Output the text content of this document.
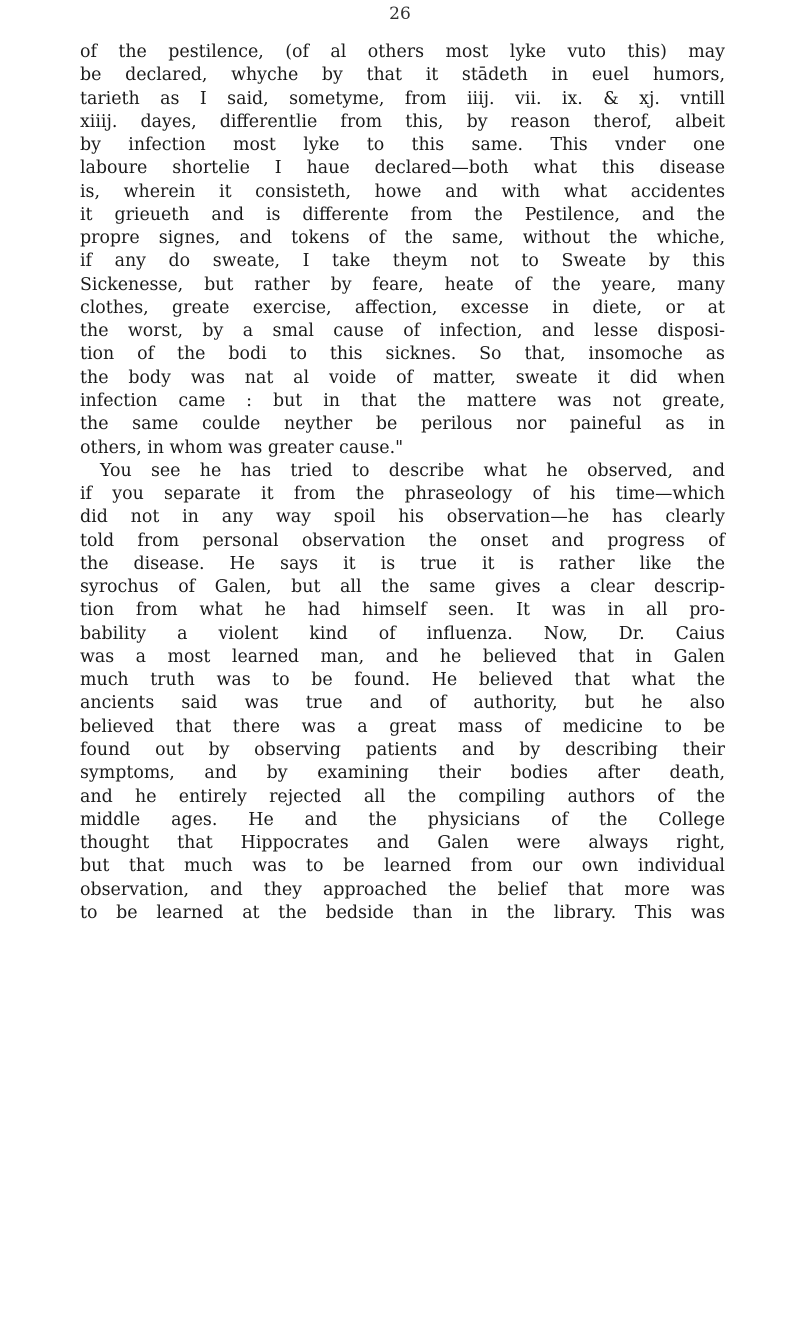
26
of the pestilence, (of al others most lyke vuto this) may
be declared, whyche by that it stādeth in euel humors,
tarieth as I said, sometyme, from iiij. vii. ix. & xj. vntill
xiiij. dayes, differentlie from this, by reason therof, albeit
by infection most lyke to this same. This vnder one
laboure shortelie I haue declared—both what this disease
is, wherein it consisteth, howe and with what accidentes
it grieueth and is differente from the Pestilence, and the
propre signes, and tokens of the same, without the whiche,
if any do sweate, I take theym not to Sweate by this
Sickenesse, but rather by feare, heate of the yeare, many
clothes, greate exercise, affection, excesse in diete, or at
the worst, by a smal cause of infection, and lesse disposi-
tion of the bodi to this sicknes. So that, insomoche as
the body was nat al voide of matter, sweate it did when
infection came : but in that the mattere was not greate,
the same coulde neyther be perilous nor paineful as in
others, in whom was greater cause."
You see he has tried to describe what he observed, and
if you separate it from the phraseology of his time—which
did not in any way spoil his observation—he has clearly
told from personal observation the onset and progress of
the disease. He says it is true it is rather like the
syrochus of Galen, but all the same gives a clear descrip-
tion from what he had himself seen. It was in all pro-
bability a violent kind of influenza. Now, Dr. Caius
was a most learned man, and he believed that in Galen
much truth was to be found. He believed that what the
ancients said was true and of authority, but he also
believed that there was a great mass of medicine to be
found out by observing patients and by describing their
symptoms, and by examining their bodies after death,
and he entirely rejected all the compiling authors of the
middle ages. He and the physicians of the College
thought that Hippocrates and Galen were always right,
but that much was to be learned from our own individual
observation, and they approached the belief that more was
to be learned at the bedside than in the library. This was
